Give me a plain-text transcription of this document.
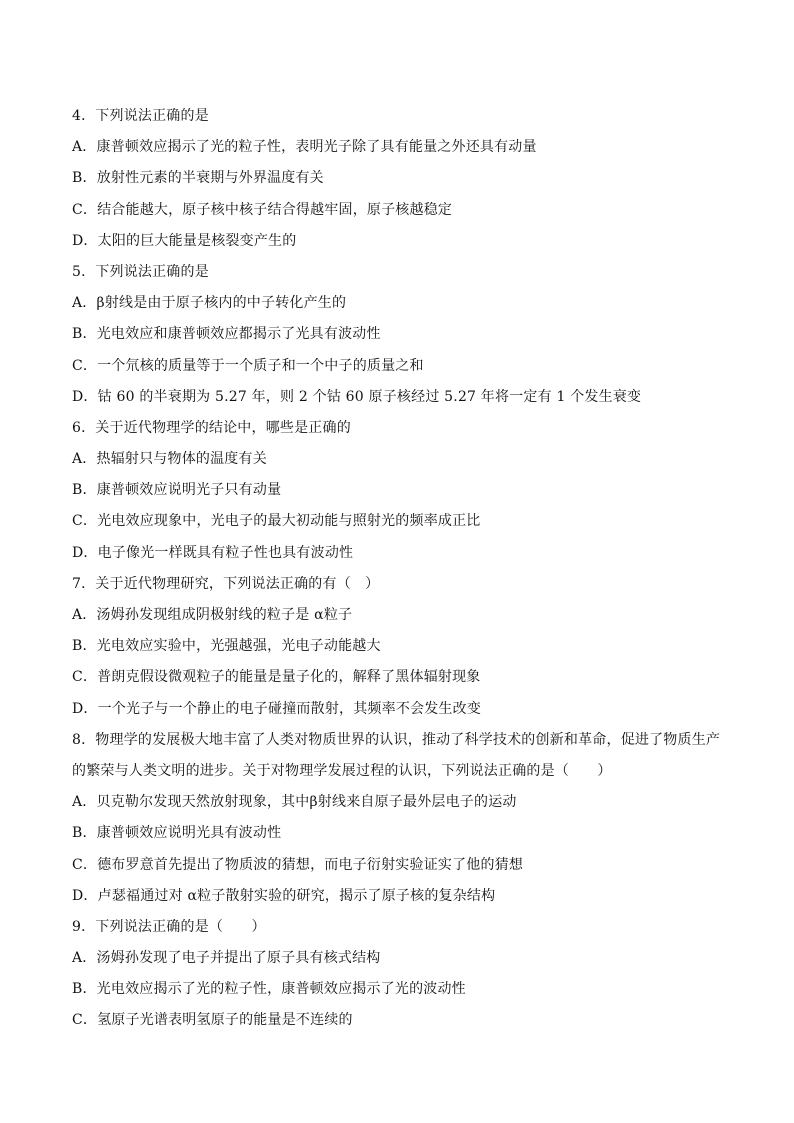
4．下列说法正确的是
A．康普顿效应揭示了光的粒子性，表明光子除了具有能量之外还具有动量
B．放射性元素的半衰期与外界温度有关
C．结合能越大，原子核中核子结合得越牢固，原子核越稳定
D．太阳的巨大能量是核裂变产生的
5．下列说法正确的是
A．β射线是由于原子核内的中子转化产生的
B．光电效应和康普顿效应都揭示了光具有波动性
C．一个氘核的质量等于一个质子和一个中子的质量之和
D．钴 60 的半衰期为 5.27 年，则 2 个钴 60 原子核经过 5.27 年将一定有 1 个发生衰变
6．关于近代物理学的结论中，哪些是正确的
A．热辐射只与物体的温度有关
B．康普顿效应说明光子只有动量
C．光电效应现象中，光电子的最大初动能与照射光的频率成正比
D．电子像光一样既具有粒子性也具有波动性
7．关于近代物理研究，下列说法正确的有（　）
A．汤姆孙发现组成阴极射线的粒子是 α粒子
B．光电效应实验中，光强越强，光电子动能越大
C．普朗克假设微观粒子的能量是量子化的，解释了黑体辐射现象
D．一个光子与一个静止的电子碰撞而散射，其频率不会发生改变
8．物理学的发展极大地丰富了人类对物质世界的认识，推动了科学技术的创新和革命，促进了物质生产的繁荣与人类文明的进步。关于对物理学发展过程的认识，下列说法正确的是（　　）
A．贝克勒尔发现天然放射现象，其中β射线来自原子最外层电子的运动
B．康普顿效应说明光具有波动性
C．德布罗意首先提出了物质波的猜想，而电子衍射实验证实了他的猜想
D．卢瑟福通过对 α粒子散射实验的研究，揭示了原子核的复杂结构
9．下列说法正确的是（　　）
A．汤姆孙发现了电子并提出了原子具有核式结构
B．光电效应揭示了光的粒子性，康普顿效应揭示了光的波动性
C．氢原子光谱表明氢原子的能量是不连续的
